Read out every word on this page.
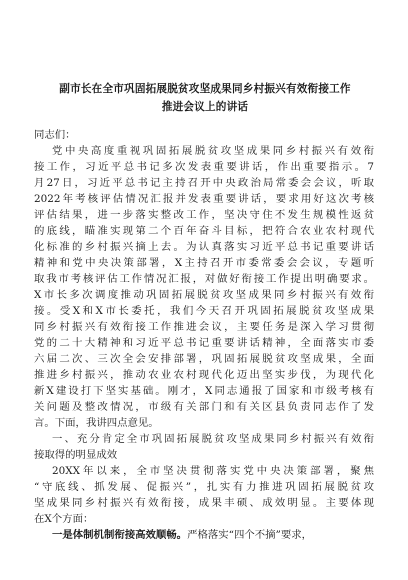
副市长在全市巩固拓展脱贫攻坚成果同乡村振兴有效衔接工作
推进会议上的讲话
同志们：
党中央高度重视巩固拓展脱贫攻坚成果同乡村振兴有效衔
接工作，习近平总书记多次发表重要讲话，作出重要指示。7
月27日，习近平总书记主持召开中央政治局常委会会议，听取
2022年考核评估情况汇报并发表重要讲话，要求用好这次考核
评估结果，进一步落实整改工作，坚决守住不发生规模性返贫
的底线，瞄准实现第二个百年奋斗目标，把符合农业农村现代
化标准的乡村振兴摘上去。为认真落实习近平总书记重要讲话
精神和党中央决策部署，X主持召开市委常委会会议，专题听
取我市考核评估工作情况汇报，对做好衔接工作提出明确要求。
X市长多次调度推动巩固拓展脱贫攻坚成果同乡村振兴有效衔
接。受X和X市长委托，我们今天召开巩固拓展脱贫攻坚成果
同乡村振兴有效衔接工作推进会议，主要任务是深入学习贯彻
党的二十大精神和习近平总书记重要讲话精神，全面落实市委
六届二次、三次全会安排部署，巩固拓展脱贫攻坚成果，全面
推进乡村振兴，推动农业农村现代化迈出坚实步伐，为现代化
新X建设打下坚实基础。刚才，X同志通报了国家和市级考核有
关问题及整改情况，市级有关部门和有关区县负责同志作了发
言。下面，我讲四点意见。
一、充分肯定全市巩固拓展脱贫攻坚成果同乡村振兴有效衔
接取得的明显成效
20XX年以来，全市坚决贯彻落实党中央决策部署，聚焦
“守底线、抓发展、促振兴”，扎实有力推进巩固拓展脱贫攻
坚成果同乡村振兴有效衔接，成果丰硕、成效明显。主要体现
在X个方面：
一是体制机制衔接高效顺畅。严格落实“四个不摘”要求，
